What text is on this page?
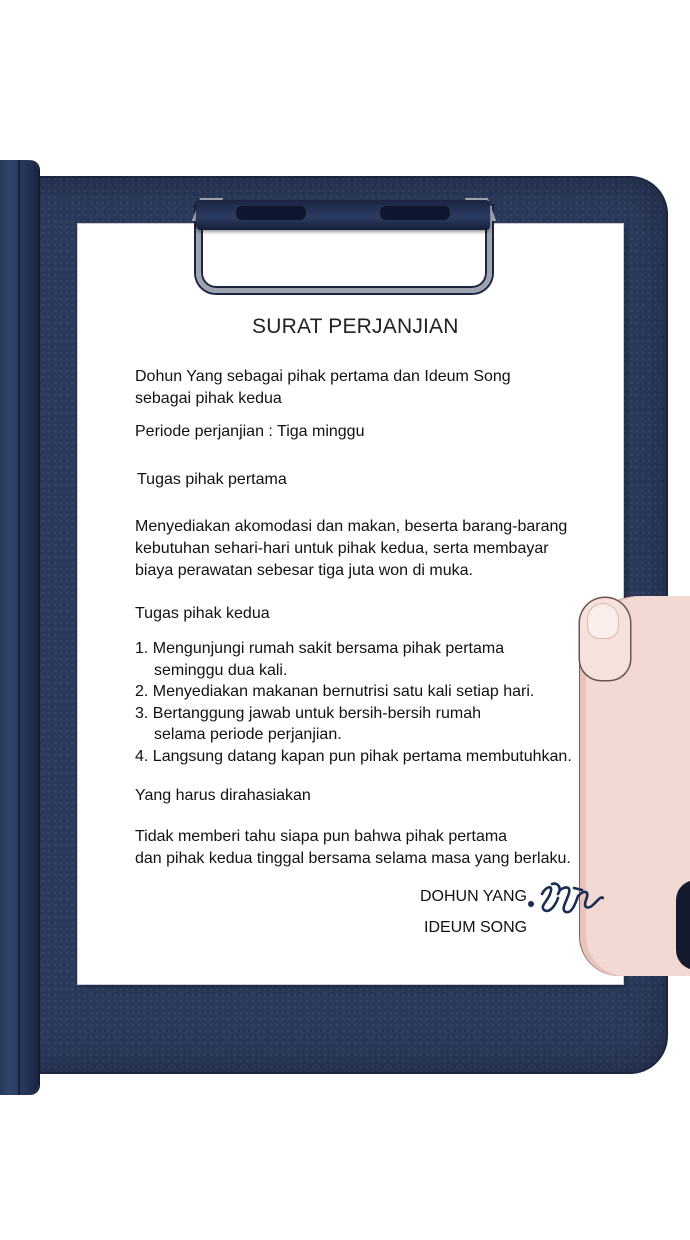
SURAT PERJANJIAN
Dohun Yang sebagai pihak pertama dan Ideum Song
sebagai pihak kedua
Periode perjanjian : Tiga minggu
Tugas pihak pertama
Menyediakan akomodasi dan makan, beserta barang-barang
kebutuhan sehari-hari untuk pihak kedua, serta membayar
biaya perawatan sebesar tiga juta won di muka.
Tugas pihak kedua
1. Mengunjungi rumah sakit bersama pihak pertama
seminggu dua kali.
2. Menyediakan makanan bernutrisi satu kali setiap hari.
3. Bertanggung jawab untuk bersih-bersih rumah
selama periode perjanjian.
4. Langsung datang kapan pun pihak pertama membutuhkan.
Yang harus dirahasiakan
Tidak memberi tahu siapa pun bahwa pihak pertama
dan pihak kedua tinggal bersama selama masa yang berlaku.
DOHUN YANG
IDEUM SONG
